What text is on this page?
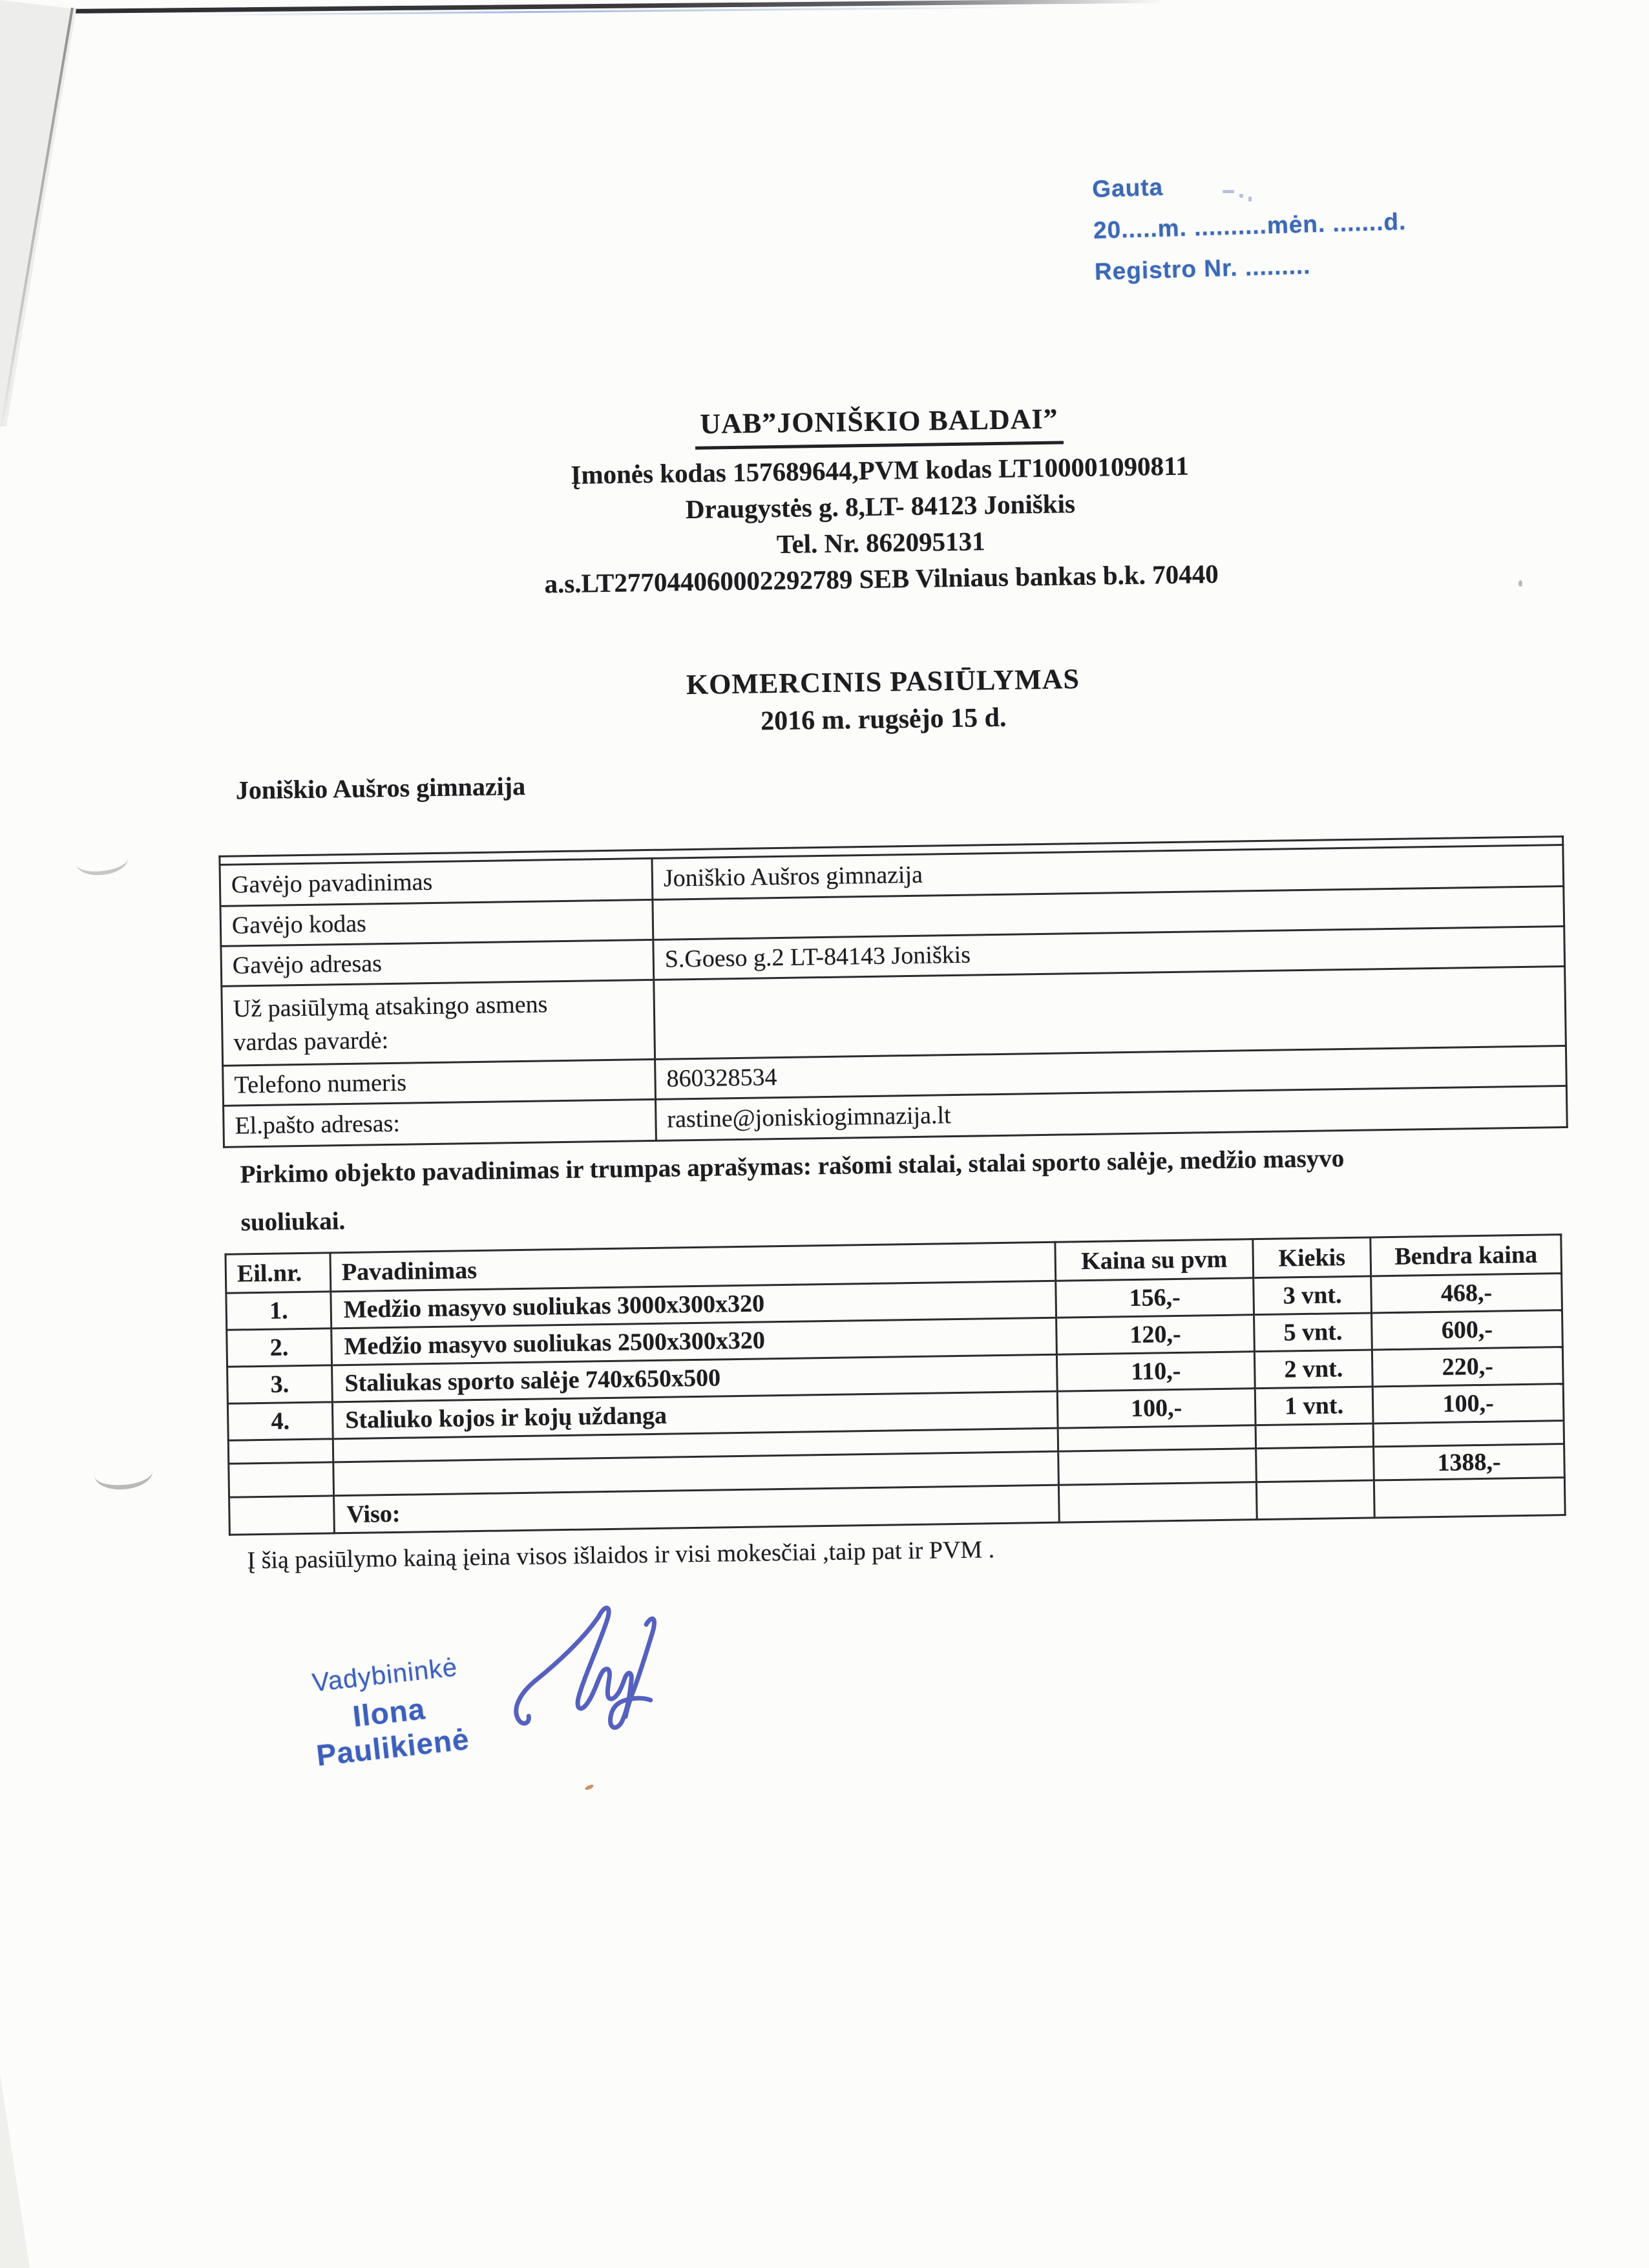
Gauta
20.....m. ..........mėn. .......d.
Registro Nr. .........
UAB”JONIŠKIO BALDAI”
Įmonės kodas 157689644,PVM kodas LT100001090811
Draugystės g. 8,LT- 84123 Joniškis
Tel. Nr. 862095131
a.s.LT277044060002292789 SEB Vilniaus bankas b.k. 70440
KOMERCINIS PASIŪLYMAS
2016 m. rugsėjo 15 d.
Joniškio Aušros gimnazija

Gavėjo pavadinimas	Joniškio Aušros gimnazija
Gavėjo kodas	
Gavėjo adresas	S.Goeso g.2 LT-84143 Joniškis
Už pasiūlymą atsakingo asmens vardas pavardė:	
Telefono numeris	860328534
El.pašto adresas:	rastine@joniskiogimnazija.lt
Pirkimo objekto pavadinimas ir trumpas aprašymas: rašomi stalai, stalai sporto salėje, medžio masyvo
suoliukai.
Eil.nr.	Pavadinimas	Kaina su pvm	Kiekis	Bendra kaina
1.	Medžio masyvo suoliukas 3000x300x320	156,-	3 vnt.	468,-
2.	Medžio masyvo suoliukas 2500x300x320	120,-	5 vnt.	600,-
3.	Staliukas sporto salėje 740x650x500	110,-	2 vnt.	220,-
4.	Staliuko kojos ir kojų uždanga	100,-	1 vnt.	100,-

				1388,-
	Viso:			
Į šią pasiūlymo kainą įeina visos išlaidos ir visi mokesčiai ,taip pat ir PVM .
Vadybininkė
Ilona Paulikienė
